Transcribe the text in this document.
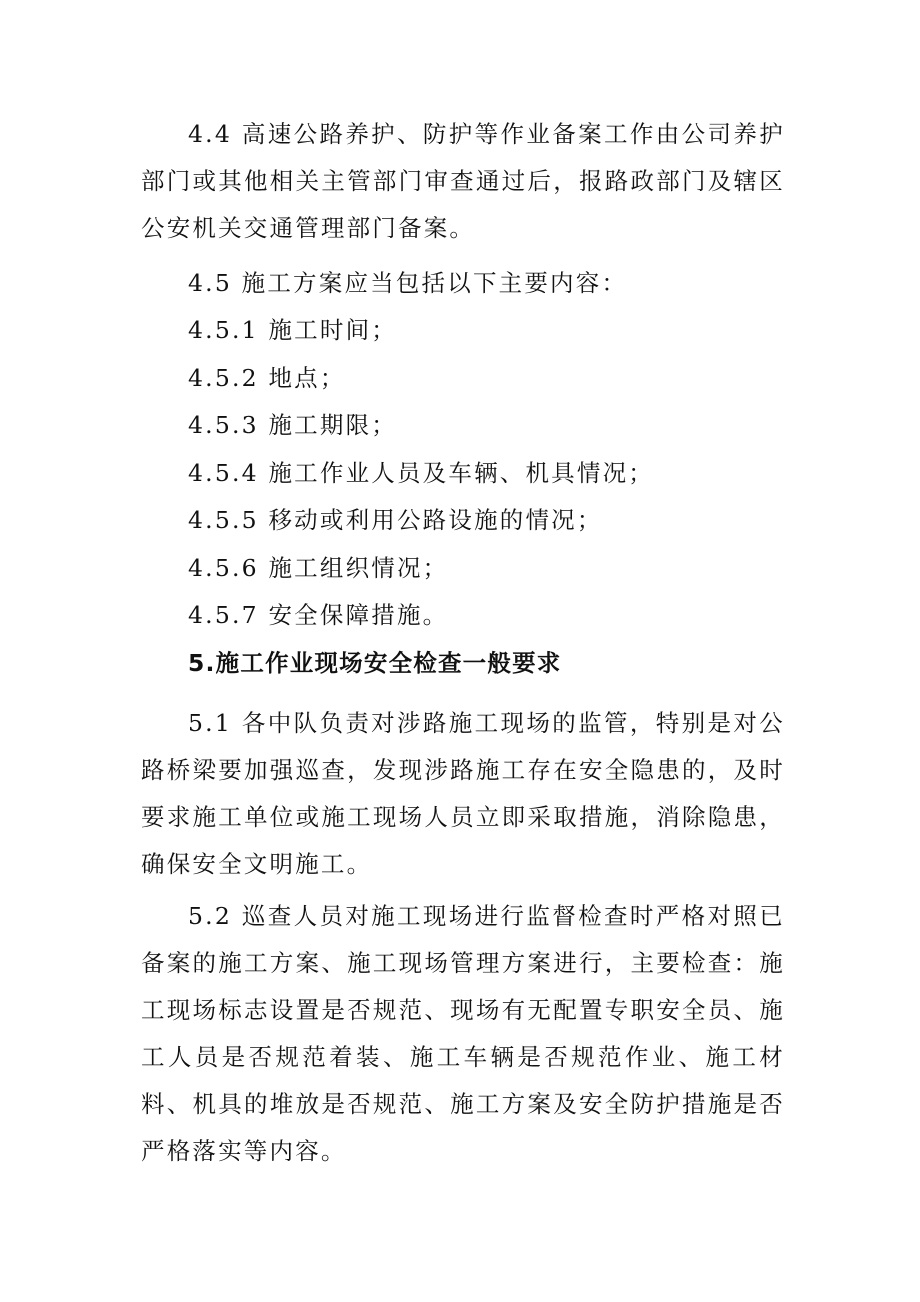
4.4 高速公路养护、防护等作业备案工作由公司养护部门或其他相关主管部门审查通过后，报路政部门及辖区公安机关交通管理部门备案。

4.5 施工方案应当包括以下主要内容：

4.5.1 施工时间；

4.5.2 地点；

4.5.3 施工期限；

4.5.4 施工作业人员及车辆、机具情况；

4.5.5 移动或利用公路设施的情况；

4.5.6 施工组织情况；

4.5.7 安全保障措施。

5.施工作业现场安全检查一般要求

5.1 各中队负责对涉路施工现场的监管，特别是对公路桥梁要加强巡查，发现涉路施工存在安全隐患的，及时要求施工单位或施工现场人员立即采取措施，消除隐患，确保安全文明施工。

5.2 巡查人员对施工现场进行监督检查时严格对照已备案的施工方案、施工现场管理方案进行，主要检查：施工现场标志设置是否规范、现场有无配置专职安全员、施工人员是否规范着装、施工车辆是否规范作业、施工材料、机具的堆放是否规范、施工方案及安全防护措施是否严格落实等内容。
